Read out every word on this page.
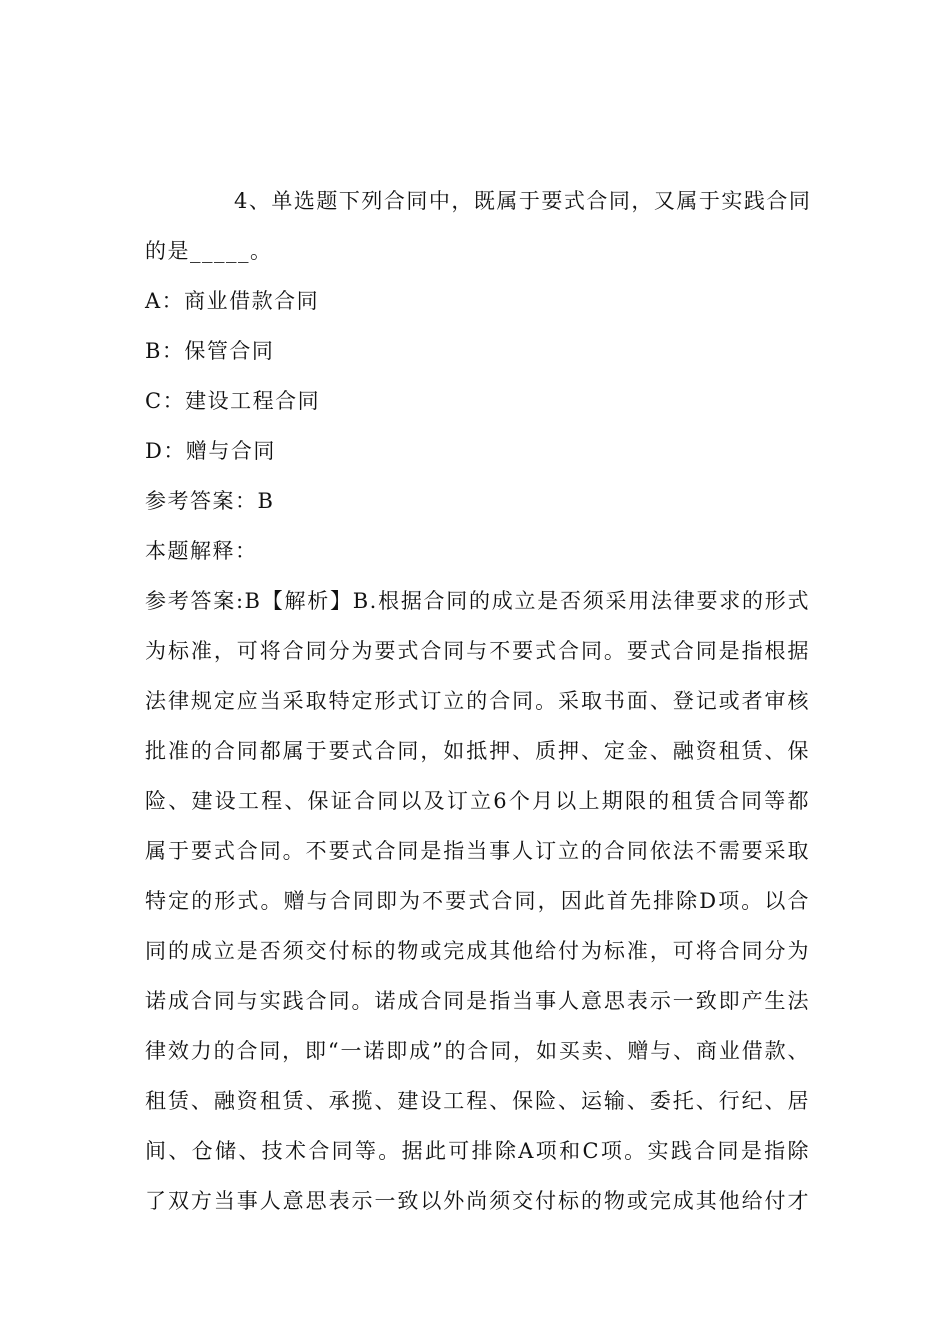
4、单选题下列合同中，既属于要式合同，又属于实践合同
的是_____。
A：商业借款合同
B：保管合同
C：建设工程合同
D：赠与合同
参考答案：B
本题解释：
参考答案:B【解析】B.根据合同的成立是否须采用法律要求的形式
为标准，可将合同分为要式合同与不要式合同。要式合同是指根据
法律规定应当采取特定形式订立的合同。采取书面、登记或者审核
批准的合同都属于要式合同，如抵押、质押、定金、融资租赁、保
险、建设工程、保证合同以及订立6个月以上期限的租赁合同等都
属于要式合同。不要式合同是指当事人订立的合同依法不需要采取
特定的形式。赠与合同即为不要式合同，因此首先排除D项。以合
同的成立是否须交付标的物或完成其他给付为标准，可将合同分为
诺成合同与实践合同。诺成合同是指当事人意思表示一致即产生法
律效力的合同，即“一诺即成”的合同，如买卖、赠与、商业借款、
租赁、融资租赁、承揽、建设工程、保险、运输、委托、行纪、居
间、仓储、技术合同等。据此可排除A项和C项。实践合同是指除
了双方当事人意思表示一致以外尚须交付标的物或完成其他给付才
